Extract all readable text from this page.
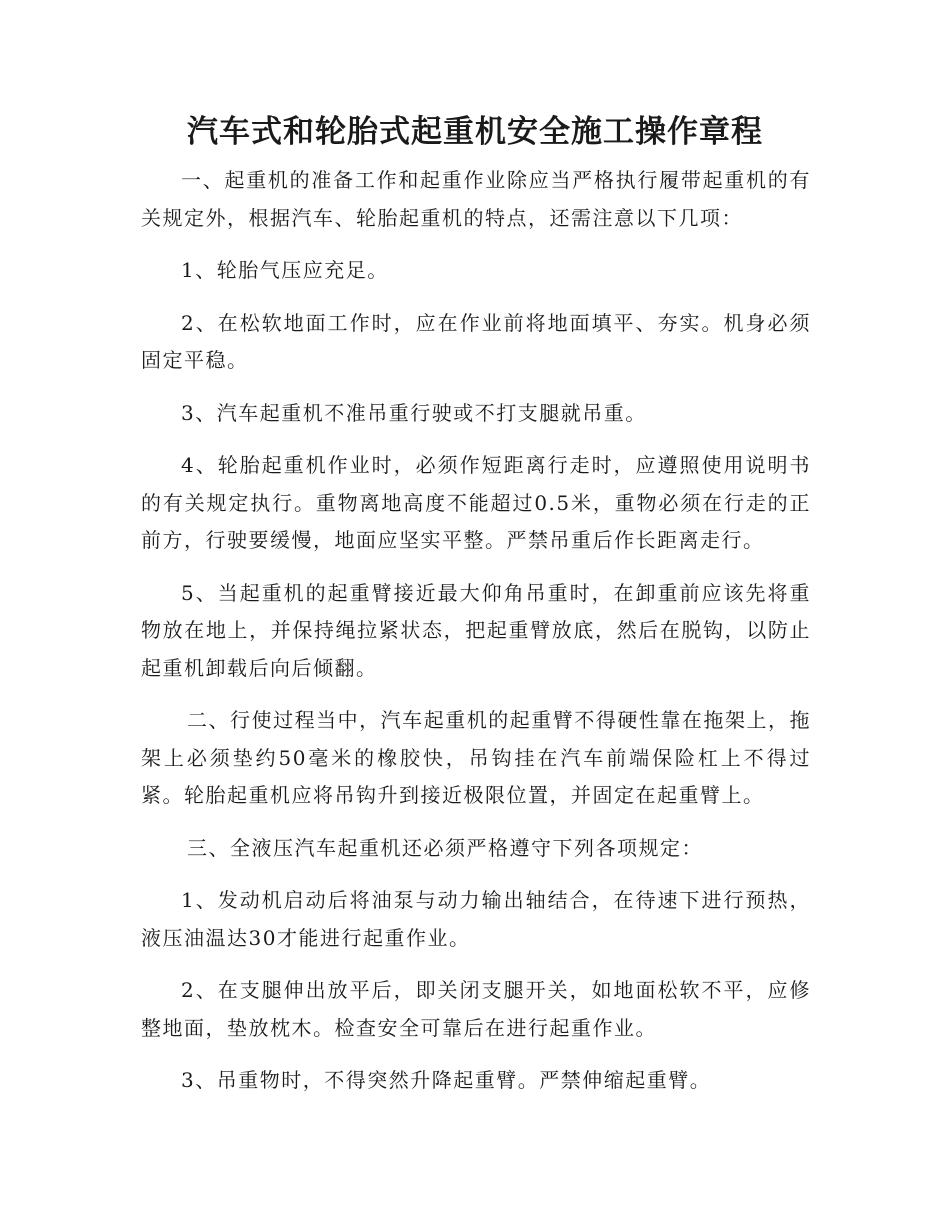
汽车式和轮胎式起重机安全施工操作章程

一、起重机的准备工作和起重作业除应当严格执行履带起重机的有关规定外，根据汽车、轮胎起重机的特点，还需注意以下几项：

1、轮胎气压应充足。

2、在松软地面工作时，应在作业前将地面填平、夯实。机身必须固定平稳。

3、汽车起重机不准吊重行驶或不打支腿就吊重。

4、轮胎起重机作业时，必须作短距离行走时，应遵照使用说明书的有关规定执行。重物离地高度不能超过0.5米，重物必须在行走的正前方，行驶要缓慢，地面应坚实平整。严禁吊重后作长距离走行。

5、当起重机的起重臂接近最大仰角吊重时，在卸重前应该先将重物放在地上，并保持绳拉紧状态，把起重臂放底，然后在脱钩，以防止起重机卸载后向后倾翻。

二、行使过程当中，汽车起重机的起重臂不得硬性靠在拖架上，拖架上必须垫约50毫米的橡胶快，吊钩挂在汽车前端保险杠上不得过紧。轮胎起重机应将吊钩升到接近极限位置，并固定在起重臂上。

三、全液压汽车起重机还必须严格遵守下列各项规定：

1、发动机启动后将油泵与动力输出轴结合，在待速下进行预热，液压油温达30才能进行起重作业。

2、在支腿伸出放平后，即关闭支腿开关，如地面松软不平，应修整地面，垫放枕木。检查安全可靠后在进行起重作业。

3、吊重物时，不得突然升降起重臂。严禁伸缩起重臂。
